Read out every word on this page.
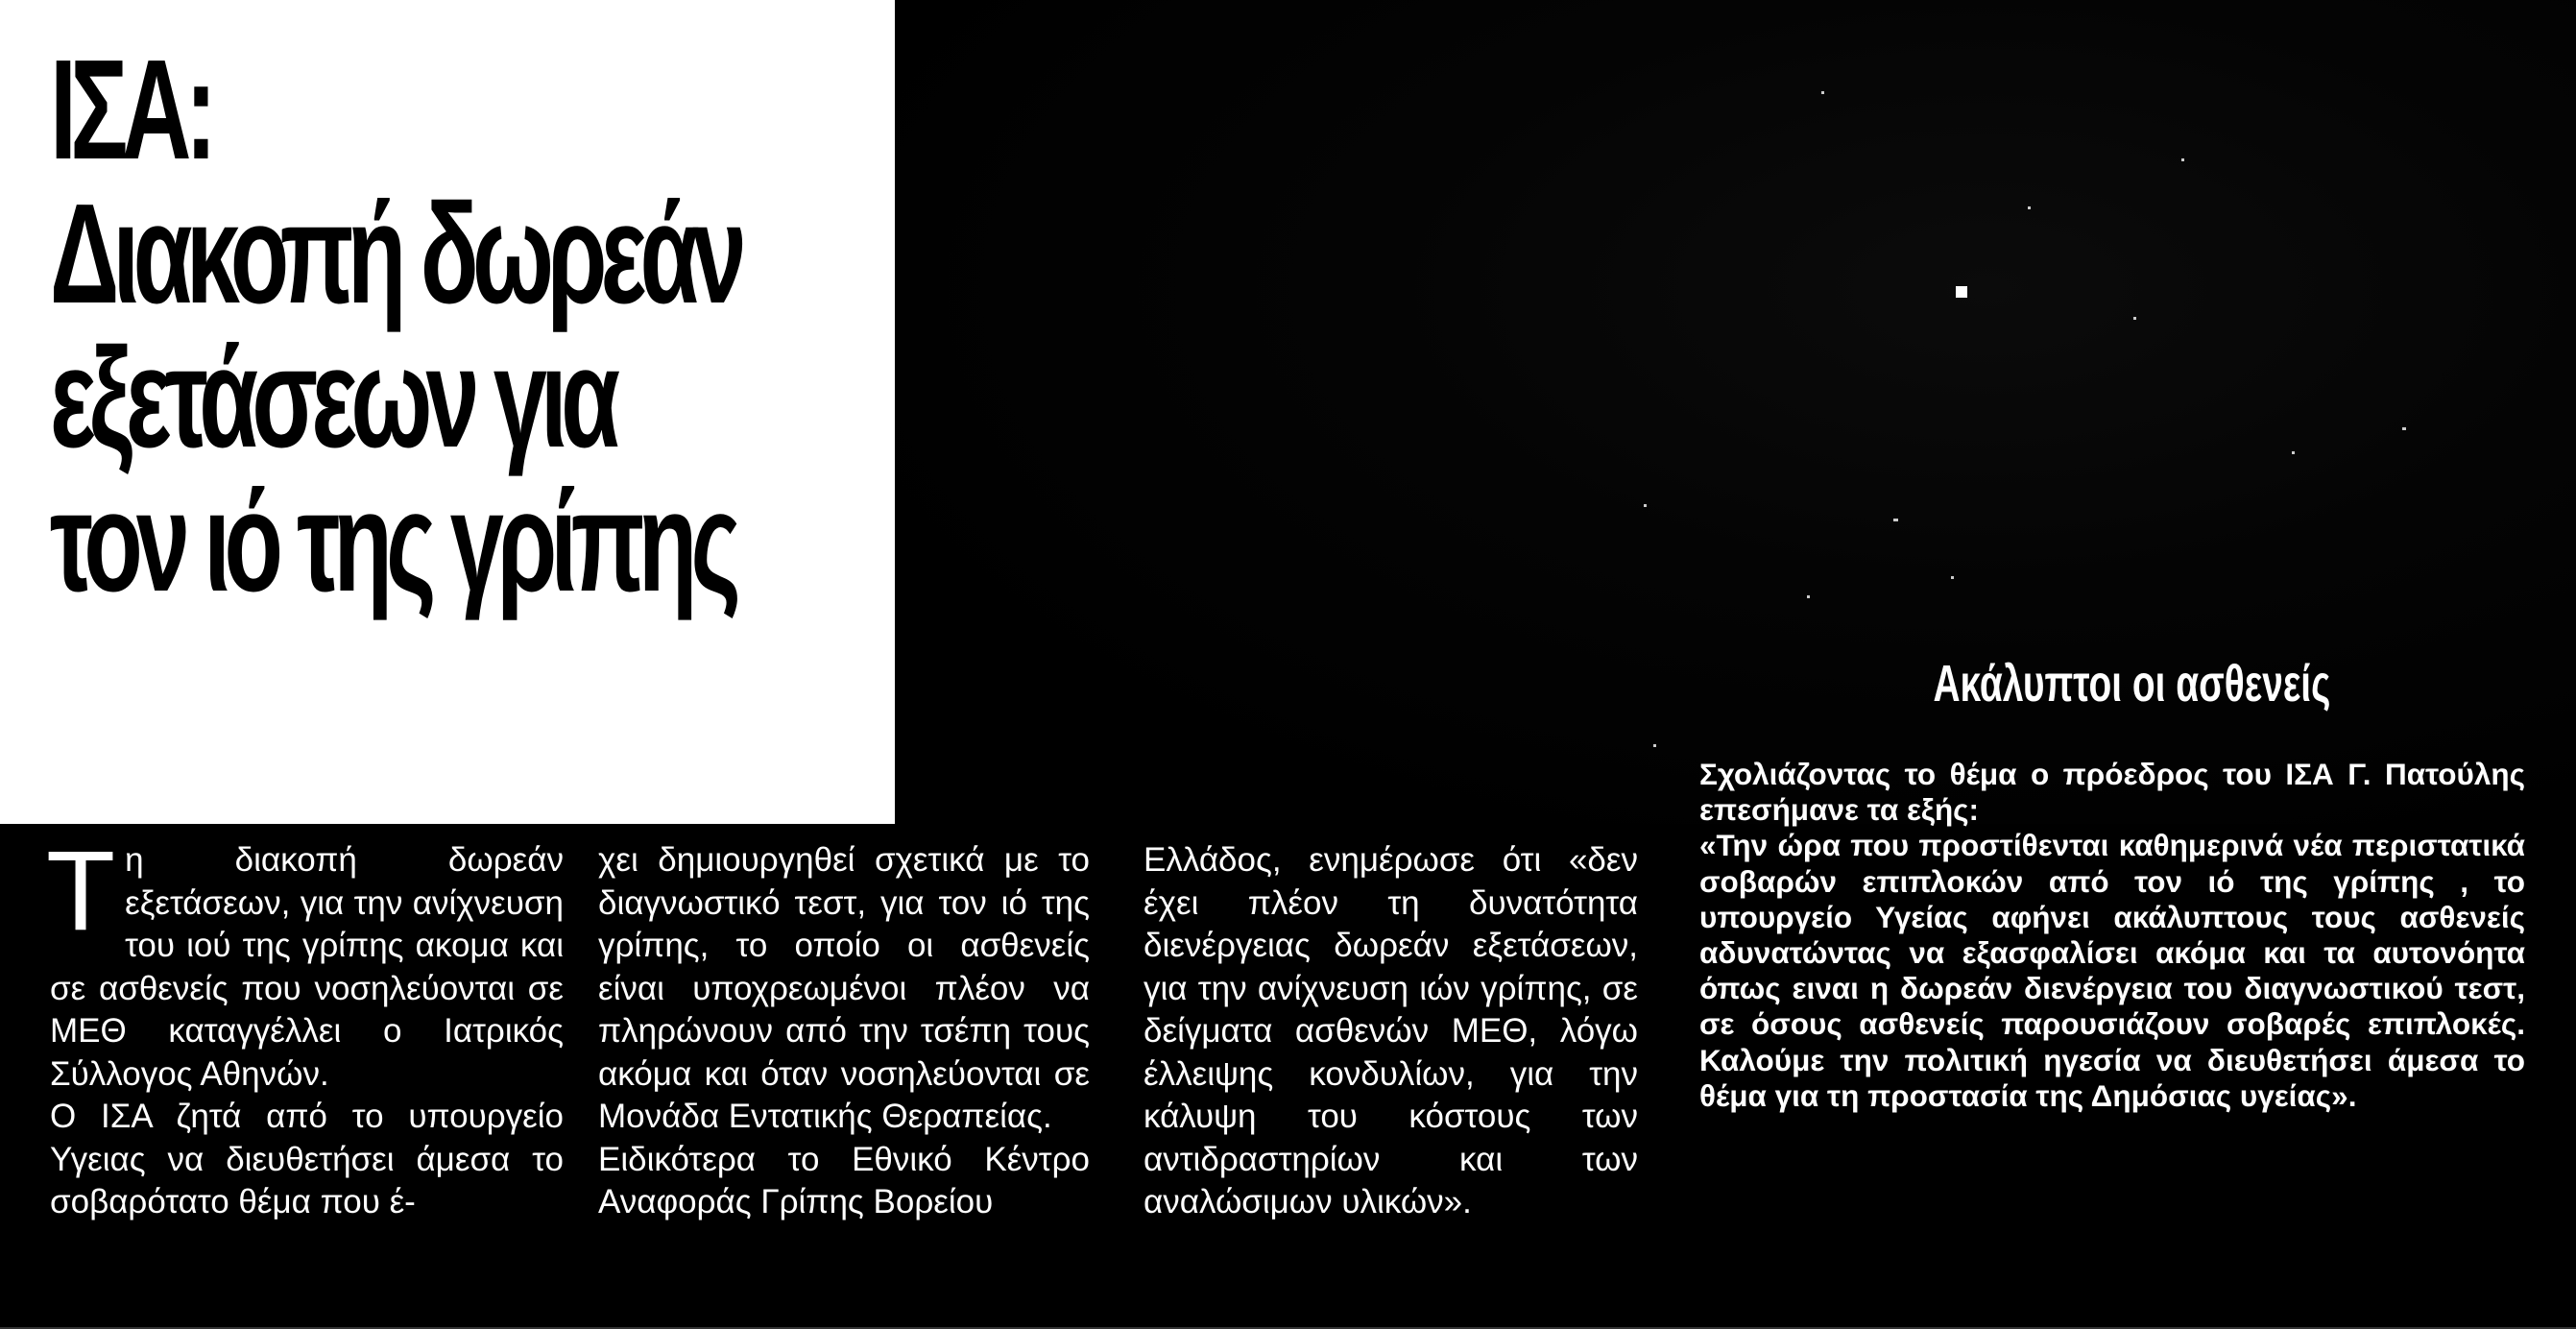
ΙΣΑ:
Διακοπή δωρεάν
εξετάσεων για
τον ιό της γρίπης

Τη διακοπή δωρεάν εξετάσεων, για την ανίχνευση του ιού της γρίπης ακομα και σε ασθενείς που νοσηλεύονται σε ΜΕΘ καταγγέλλει ο Ιατρικός Σύλλογος Αθηνών.

Ο ΙΣΑ ζητά από το υπουργείο Υγειας να διευθετήσει άμεσα το σοβαρότατο θέμα που έ-

χει δημιουργηθεί σχετικά με το διαγνωστικό τεστ, για τον ιό της γρίπης, το οποίο οι ασθενείς είναι υποχρεωμένοι πλέον να πληρώνουν από την τσέπη τους ακόμα και όταν νοσηλεύονται σε Μονάδα Εντατικής Θεραπείας.

Ειδικότερα το Εθνικό Κέντρο Αναφοράς Γρίπης Βορείου

Ελλάδος, ενημέρωσε ότι «δεν έχει πλέον τη δυνατότητα διενέργειας δωρεάν εξετάσεων, για την ανίχνευση ιών γρίπης, σε δείγματα ασθενών ΜΕΘ, λόγω έλλειψης κονδυλίων, για την κάλυψη του κόστους των αντιδραστηρίων και των αναλώσιμων υλικών».

Ακάλυπτοι οι ασθενείς

Σχολιάζοντας το θέμα ο πρόεδρος του ΙΣΑ Γ. Πατούλης επεσήμανε τα εξής:

«Την ώρα που προστίθενται καθημερινά νέα περιστατικά σοβαρών επιπλοκών από τον ιό της γρίπης , το υπουργείο Υγείας αφήνει ακάλυπτους τους ασθενείς αδυνατώντας να εξασφαλίσει ακόμα και τα αυτονόητα όπως ειναι η δωρεάν διενέργεια του διαγνωστικού τεστ, σε όσους ασθενείς παρουσιάζουν σοβαρές επιπλοκές. Καλούμε την πολιτική ηγεσία να διευθετήσει άμεσα το θέμα για τη προστασία της Δημόσιας υγείας».
